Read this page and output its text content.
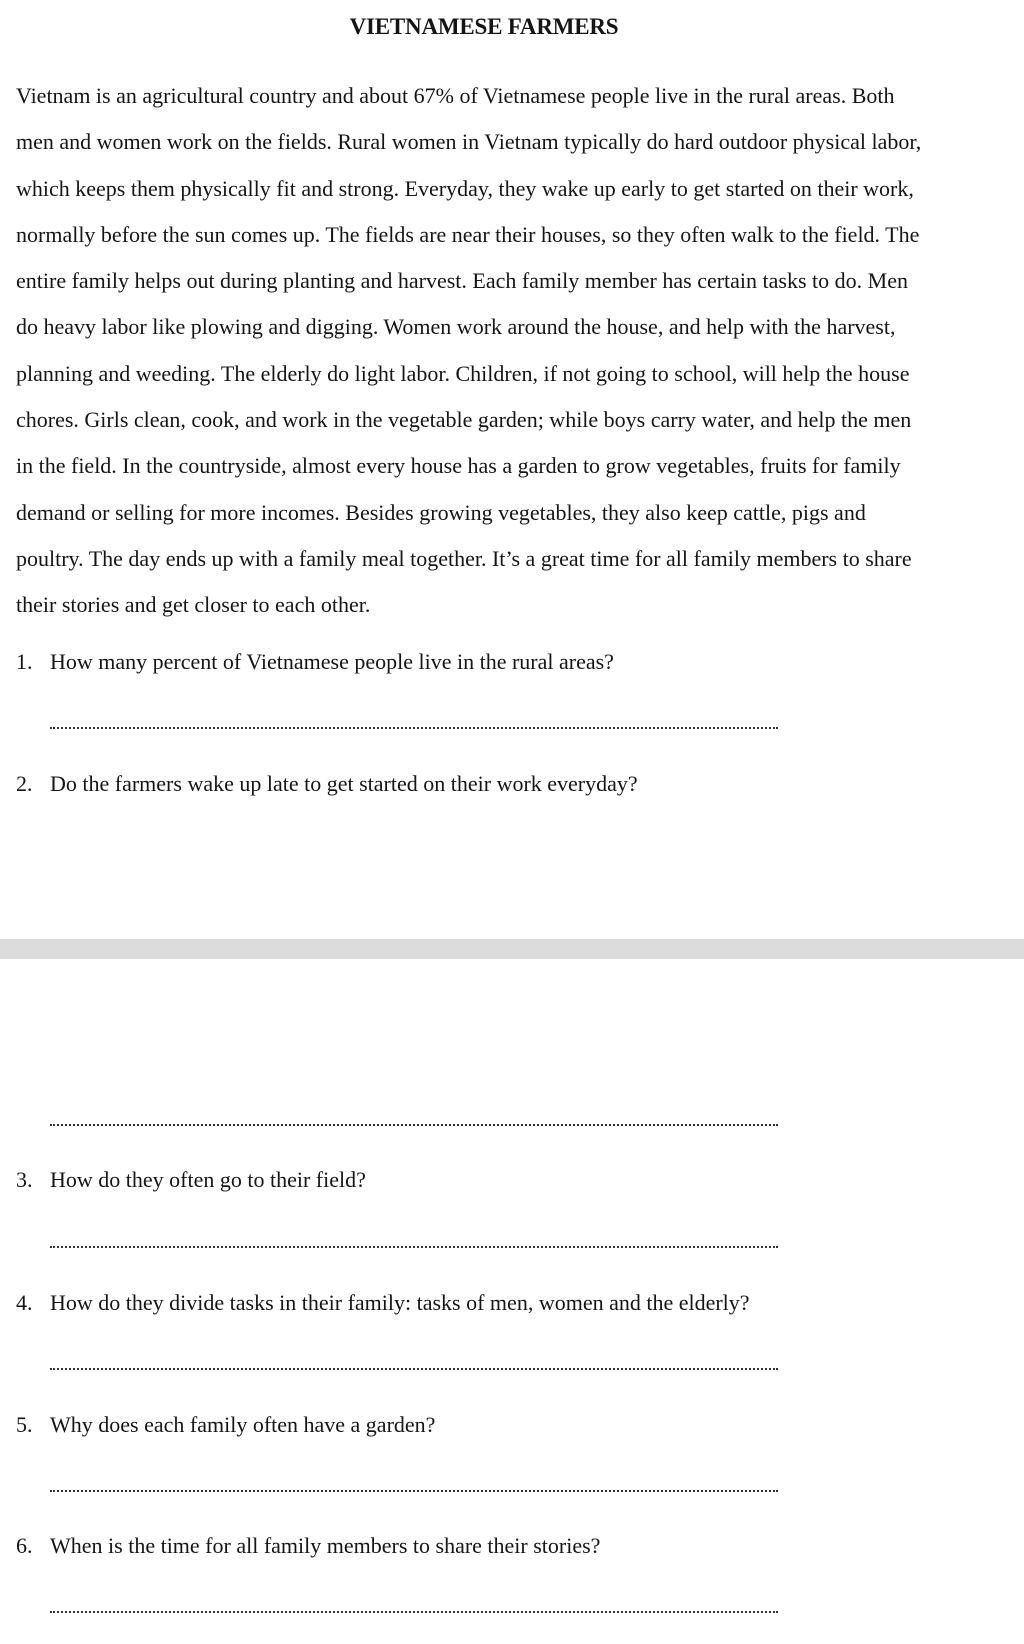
VIETNAMESE FARMERS

Vietnam is an agricultural country and about 67% of Vietnamese people live in the rural areas. Both
men and women work on the fields. Rural women in Vietnam typically do hard outdoor physical labor,
which keeps them physically fit and strong. Everyday, they wake up early to get started on their work,
normally before the sun comes up. The fields are near their houses, so they often walk to the field. The
entire family helps out during planting and harvest. Each family member has certain tasks to do. Men
do heavy labor like plowing and digging. Women work around the house, and help with the harvest,
planning and weeding. The elderly do light labor. Children, if not going to school, will help the house
chores. Girls clean, cook, and work in the vegetable garden; while boys carry water, and help the men
in the field. In the countryside, almost every house has a garden to grow vegetables, fruits for family
demand or selling for more incomes. Besides growing vegetables, they also keep cattle, pigs and
poultry. The day ends up with a family meal together. It’s a great time for all family members to share
their stories and get closer to each other.

1. How many percent of Vietnamese people live in the rural areas?
2. Do the farmers wake up late to get started on their work everyday?
3. How do they often go to their field?
4. How do they divide tasks in their family: tasks of men, women and the elderly?
5. Why does each family often have a garden?
6. When is the time for all family members to share their stories?
